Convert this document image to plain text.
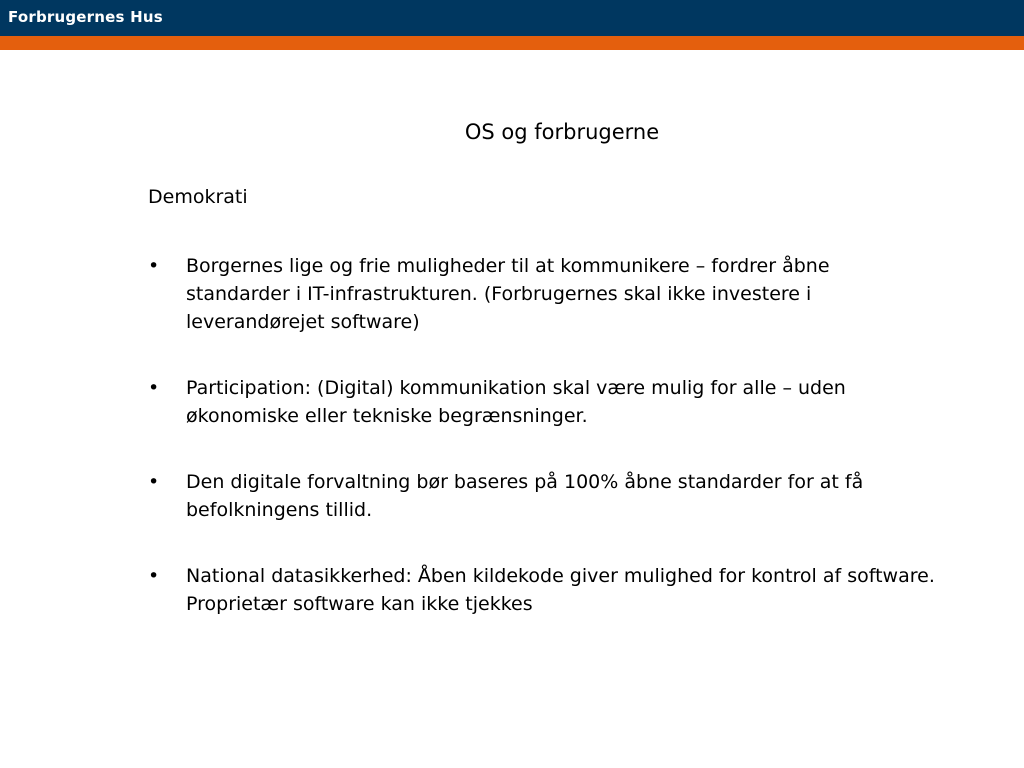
Forbrugernes Hus
OS og forbrugerne
Demokrati
• Borgernes lige og frie muligheder til at kommunikere – fordrer åbne standarder i IT-infrastrukturen. (Forbrugernes skal ikke investere i leverandørejet software)
• Participation: (Digital) kommunikation skal være mulig for alle – uden økonomiske eller tekniske begrænsninger.
• Den digitale forvaltning bør baseres på 100% åbne standarder for at få befolkningens tillid.
• National datasikkerhed: Åben kildekode giver mulighed for kontrol af software. Proprietær software kan ikke tjekkes
